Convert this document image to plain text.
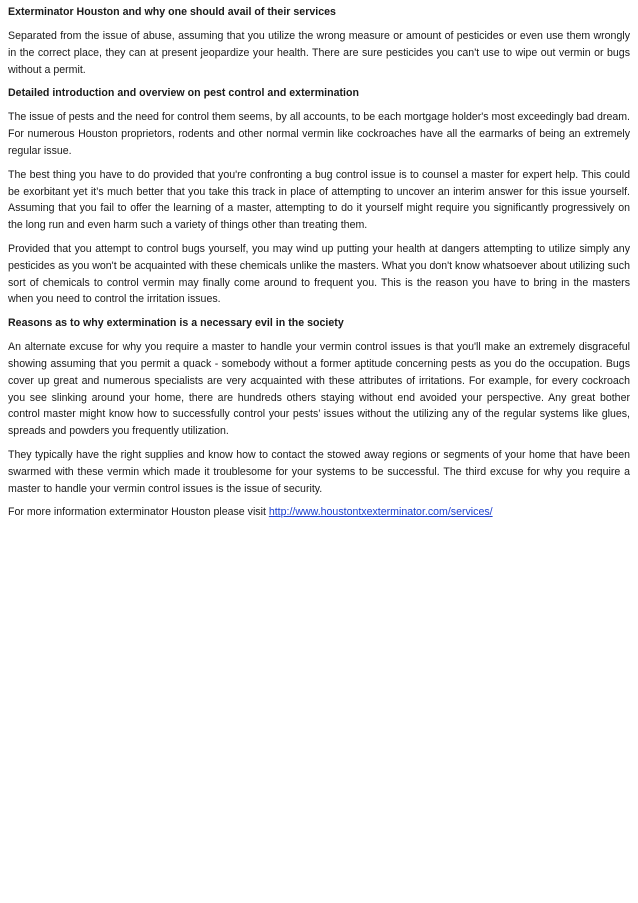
Exterminator Houston and why one should avail of their services
Separated from the issue of abuse, assuming that you utilize the wrong measure or amount of pesticides or even use them wrongly in the correct place, they can at present jeopardize your health. There are sure pesticides you can't use to wipe out vermin or bugs without a permit.
Detailed introduction and overview on pest control and extermination
The issue of pests and the need for control them seems, by all accounts, to be each mortgage holder's most exceedingly bad dream. For numerous Houston proprietors, rodents and other normal vermin like cockroaches have all the earmarks of being an extremely regular issue.
The best thing you have to do provided that you're confronting a bug control issue is to counsel a master for expert help. This could be exorbitant yet it’s much better that you take this track in place of attempting to uncover an interim answer for this issue yourself. Assuming that you fail to offer the learning of a master, attempting to do it yourself might require you significantly progressively on the long run and even harm such a variety of things other than treating them.
Provided that you attempt to control bugs yourself, you may wind up putting your health at dangers attempting to utilize simply any pesticides as you won't be acquainted with these chemicals unlike the masters. What you don't know whatsoever about utilizing such sort of chemicals to control vermin may finally come around to frequent you. This is the reason you have to bring in the masters when you need to control the irritation issues.
Reasons as to why extermination is a necessary evil in the society
An alternate excuse for why you require a master to handle your vermin control issues is that you'll make an extremely disgraceful showing assuming that you permit a quack - somebody without a former aptitude concerning pests as you do the occupation. Bugs cover up great and numerous specialists are very acquainted with these attributes of irritations. For example, for every cockroach you see slinking around your home, there are hundreds others staying without end avoided your perspective. Any great bother control master might know how to successfully control your pests’ issues without the utilizing any of the regular systems like glues, spreads and powders you frequently utilization.
They typically have the right supplies and know how to contact the stowed away regions or segments of your home that have been swarmed with these vermin which made it troublesome for your systems to be successful. The third excuse for why you require a master to handle your vermin control issues is the issue of security.
For more information exterminator Houston please visit http://www.houstontxexterminator.com/services/
